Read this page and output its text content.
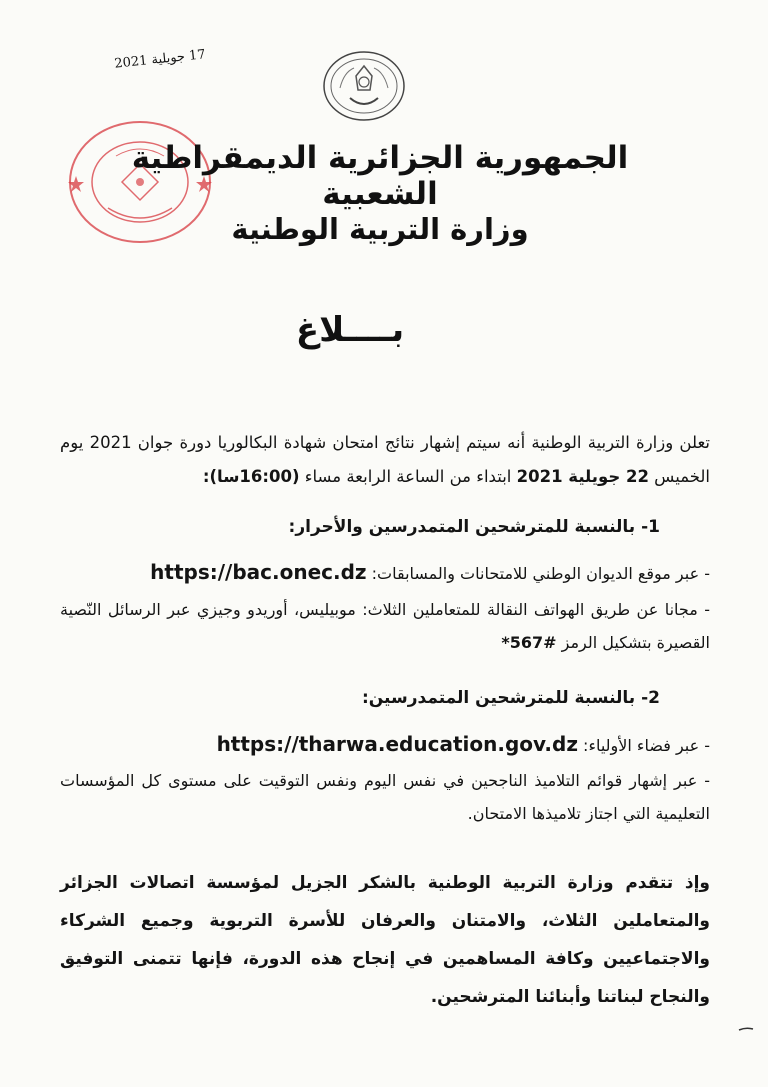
17 جويلية 2021
الجمهورية الجزائرية الديمقراطية الشعبية
وزارة التربية الوطنية
بــــلاغ
تعلن وزارة التربية الوطنية أنه سيتم إشهار نتائج امتحان شهادة البكالوريا دورة جوان 2021 يوم الخميس 22 جويلية 2021 ابتداء من الساعة الرابعة مساء (16:00سا):
1- بالنسبة للمترشحين المتمدرسين والأحرار:
- عبر موقع الديوان الوطني للامتحانات والمسابقات: https://bac.onec.dz
- مجانا عن طريق الهواتف النقالة للمتعاملين الثلاث: موبيليس، أوريدو وجيزي عبر الرسائل النّصية القصيرة بتشكيل الرمز #567*
2- بالنسبة للمترشحين المتمدرسين:
- عبر فضاء الأولياء: https://tharwa.education.gov.dz
- عبر إشهار قوائم التلاميذ الناجحين في نفس اليوم ونفس التوقيت على مستوى كل المؤسسات التعليمية التي اجتاز تلاميذها الامتحان.
وإذ تتقدم وزارة التربية الوطنية بالشكر الجزيل لمؤسسة اتصالات الجزائر والمتعاملين الثلاث، والامتنان والعرفان للأسرة التربوية وجميع الشركاء والاجتماعيين وكافة المساهمين في إنجاح هذه الدورة، فإنها تتمنى التوفيق والنجاح لبناتنا وأبنائنا المترشحين.
